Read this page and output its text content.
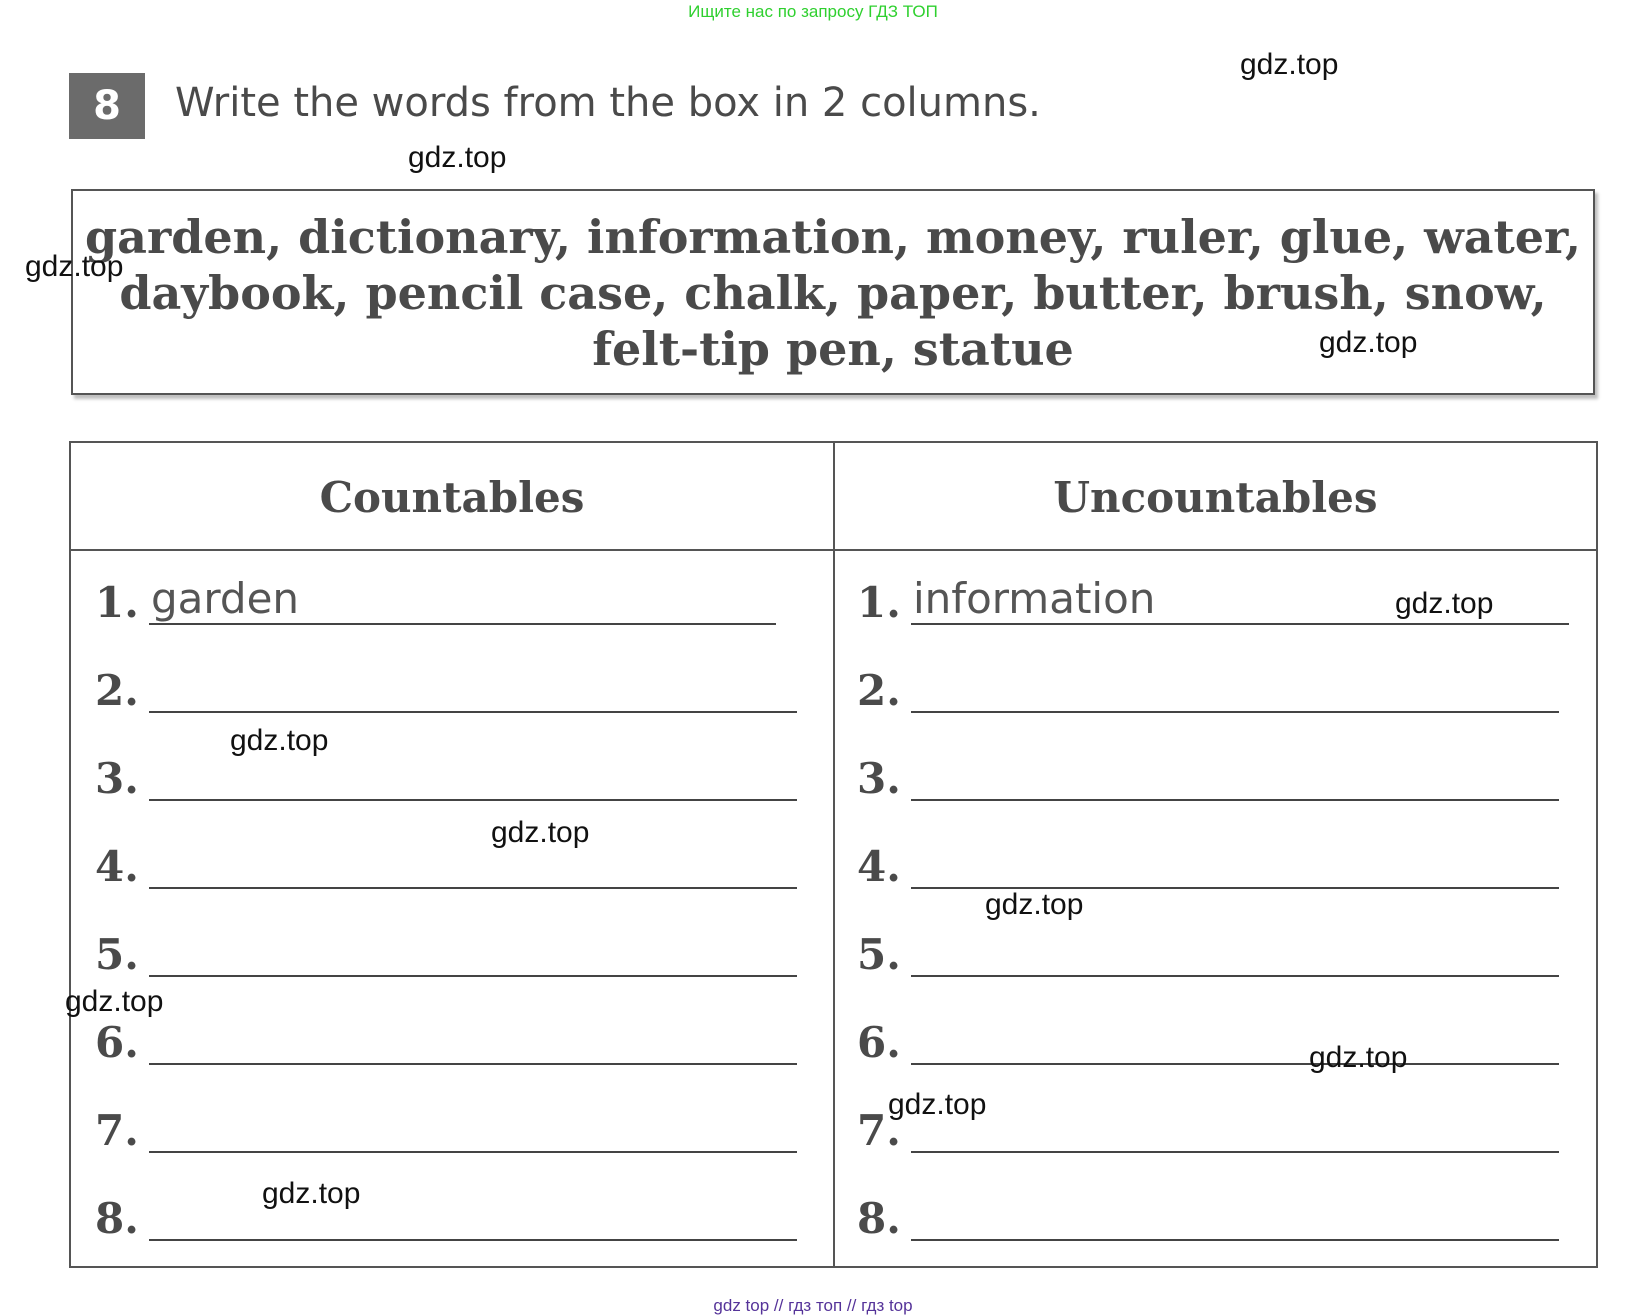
Ищите нас по запросу ГДЗ ТОП
8	Write the words from the box in 2 columns.
garden, dictionary, information, money, ruler, glue, water,
daybook, pencil case, chalk, paper, butter, brush, snow,
felt-tip pen, statue
Countables	Uncountables
1. garden
2.
3.
4.
5.
6.
7.
8.
1. information
2.
3.
4.
5.
6.
7.
8.
gdz.top
gdz.top
gdz.top
gdz.top
gdz.top
gdz.top
gdz.top
gdz.top
gdz.top
gdz.top
gdz.top
gdz.top
gdz top // гдз топ // гдз top
